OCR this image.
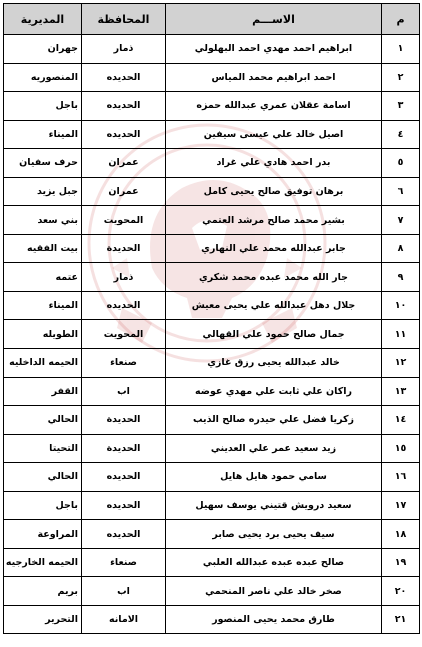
م	الاســـم	المحافظة	المديرية
١	ابراهيم احمد مهدي احمد البهلولي	ذمار	جهران
٢	احمد ابراهيم محمد المياس	الحديده	المنصوريه
٣	اسامة عقلان عمري عبدالله حمزه	الحديده	باجل
٤	اصيل خالد علي عيسى سيفين	الحديده	الميناء
٥	بدر احمد هادي علي غراد	عمران	حرف سفيان
٦	برهان توفيق صالح يحيى كامل	عمران	جبل يزيد
٧	بشير محمد صالح مرشد العتمي	المحويت	بني سعد
٨	جابر عبدالله محمد علي النهاري	الحديدة	بيت الفقيه
٩	جار الله محمد عبده محمد شكري	ذمار	عتمه
١٠	جلال دهل عبدالله علي يحيى معيش	الحديده	الميناء
١١	جمال صالح حمود علي القهالي	المحويت	الطويله
١٢	خالد عبدالله يحيى رزق غازي	صنعاء	الحيمه الداخليه
١٣	راكان علي ثابت علي مهدي عوضه	اب	القفر
١٤	زكريا فضل علي حيدره صالح الذيب	الحديدة	الحالي
١٥	زيد سعيد عمر علي العديني	الحديدة	التحيتا
١٦	سامي حمود هايل هايل	الحديده	الحالي
١٧	سعيد درويش قتيني يوسف سهيل	الحديده	باجل
١٨	سيف يحيى برد يحيى صابر	الحديده	المراوعة
١٩	صالح عبده عبده عبدالله العلبي	صنعاء	الحيمه الخارجيه
٢٠	صخر خالد علي ناصر المنحمي	اب	بريم
٢١	طارق محمد يحيى المنصور	الامانه	التحرير
